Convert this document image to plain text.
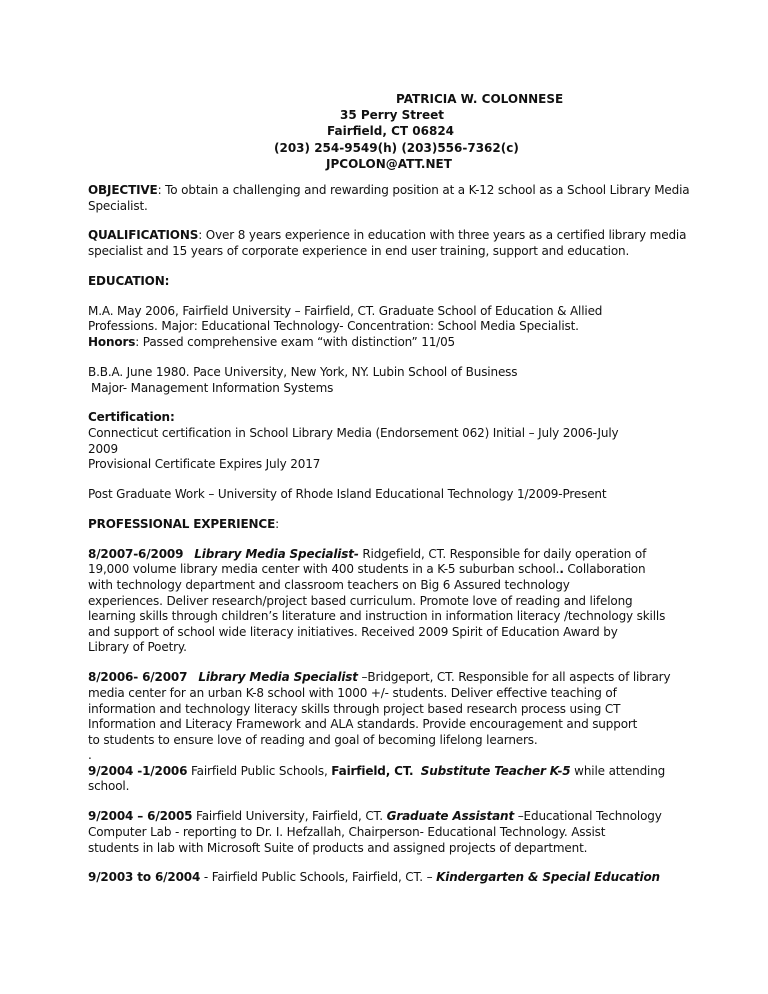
PATRICIA W. COLONNESE
35 Perry Street
Fairfield, CT 06824
(203) 254-9549(h) (203)556-7362(c)
JPCOLON@ATT.NET

OBJECTIVE: To obtain a challenging and rewarding position at a K-12 school as a School Library Media Specialist.

QUALIFICATIONS: Over 8 years experience in education with three years as a certified library media specialist and 15 years of corporate experience in end user training, support and education.

EDUCATION:

M.A. May 2006, Fairfield University – Fairfield, CT. Graduate School of Education & Allied
Professions. Major: Educational Technology- Concentration: School Media Specialist.
Honors: Passed comprehensive exam “with distinction” 11/05

B.B.A. June 1980. Pace University, New York, NY. Lubin School of Business
Major- Management Information Systems

Certification:
Connecticut certification in School Library Media (Endorsement 062) Initial – July 2006-July
2009
Provisional Certificate Expires July 2017

Post Graduate Work – University of Rhode Island Educational Technology 1/2009-Present

PROFESSIONAL EXPERIENCE:

8/2007-6/2009 Library Media Specialist- Ridgefield, CT. Responsible for daily operation of
19,000 volume library media center with 400 students in a K-5 suburban school.. Collaboration
with technology department and classroom teachers on Big 6 Assured technology
experiences. Deliver research/project based curriculum. Promote love of reading and lifelong
learning skills through children’s literature and instruction in information literacy /technology skills
and support of school wide literacy initiatives. Received 2009 Spirit of Education Award by
Library of Poetry.

8/2006- 6/2007 Library Media Specialist –Bridgeport, CT. Responsible for all aspects of library
media center for an urban K-8 school with 1000 +/- students. Deliver effective teaching of
information and technology literacy skills through project based research process using CT
Information and Literacy Framework and ALA standards. Provide encouragement and support
to students to ensure love of reading and goal of becoming lifelong learners.
.

9/2004 -1/2006 Fairfield Public Schools, Fairfield, CT. Substitute Teacher K-5 while attending
school.

9/2004 – 6/2005 Fairfield University, Fairfield, CT. Graduate Assistant –Educational Technology
Computer Lab - reporting to Dr. I. Hefzallah, Chairperson- Educational Technology. Assist
students in lab with Microsoft Suite of products and assigned projects of department.

9/2003 to 6/2004 - Fairfield Public Schools, Fairfield, CT. – Kindergarten & Special Education
